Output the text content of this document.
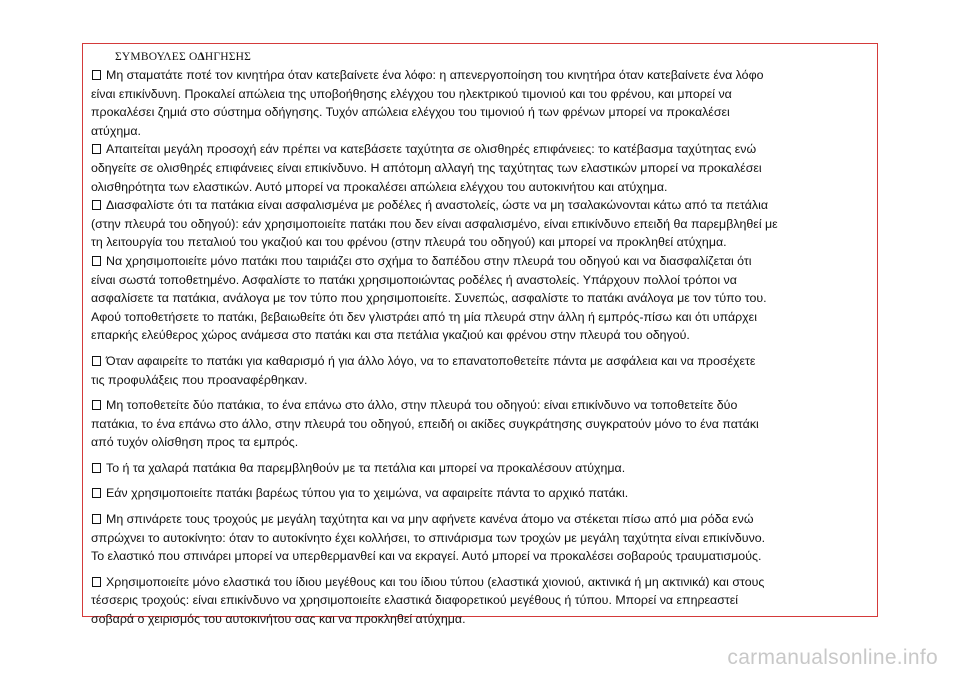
ΣΥΜΒΟΥΛΕΣ ΟΔΗΓΗΣΗΣ
Μη σταματάτε ποτέ τον κινητήρα όταν κατεβαίνετε ένα λόφο: η απενεργοποίηση του κινητήρα όταν κατεβαίνετε ένα λόφο
είναι επικίνδυνη. Προκαλεί απώλεια της υποβοήθησης ελέγχου του ηλεκτρικού τιμονιού και του φρένου, και μπορεί να
προκαλέσει ζημιά στο σύστημα οδήγησης. Τυχόν απώλεια ελέγχου του τιμονιού ή των φρένων μπορεί να προκαλέσει
ατύχημα.
Απαιτείται μεγάλη προσοχή εάν πρέπει να κατεβάσετε ταχύτητα σε ολισθηρές επιφάνειες: το κατέβασμα ταχύτητας ενώ
οδηγείτε σε ολισθηρές επιφάνειες είναι επικίνδυνο. Η απότομη αλλαγή της ταχύτητας των ελαστικών μπορεί να προκαλέσει
ολισθηρότητα των ελαστικών. Αυτό μπορεί να προκαλέσει απώλεια ελέγχου του αυτοκινήτου και ατύχημα.
Διασφαλίστε ότι τα πατάκια είναι ασφαλισμένα με ροδέλες ή αναστολείς, ώστε να μη τσαλακώνονται κάτω από τα πετάλια
(στην πλευρά του οδηγού): εάν χρησιμοποιείτε πατάκι που δεν είναι ασφαλισμένο, είναι επικίνδυνο επειδή θα παρεμβληθεί με
τη λειτουργία του πεταλιού του γκαζιού και του φρένου (στην πλευρά του οδηγού) και μπορεί να προκληθεί ατύχημα.
Να χρησιμοποιείτε μόνο πατάκι που ταιριάζει στο σχήμα το δαπέδου στην πλευρά του οδηγού και να διασφαλίζεται ότι
είναι σωστά τοποθετημένο. Ασφαλίστε το πατάκι χρησιμοποιώντας ροδέλες ή αναστολείς. Υπάρχουν πολλοί τρόποι να
ασφαλίσετε τα πατάκια, ανάλογα με τον τύπο που χρησιμοποιείτε. Συνεπώς, ασφαλίστε το πατάκι ανάλογα με τον τύπο του.
Αφού τοποθετήσετε το πατάκι, βεβαιωθείτε ότι δεν γλιστράει από τη μία πλευρά στην άλλη ή εμπρός-πίσω και ότι υπάρχει
επαρκής ελεύθερος χώρος ανάμεσα στο πατάκι και στα πετάλια γκαζιού και φρένου στην πλευρά του οδηγού.
Όταν αφαιρείτε το πατάκι για καθαρισμό ή για άλλο λόγο, να το επανατοποθετείτε πάντα με ασφάλεια και να προσέχετε
τις προφυλάξεις που προαναφέρθηκαν.
Μη τοποθετείτε δύο πατάκια, το ένα επάνω στο άλλο, στην πλευρά του οδηγού: είναι επικίνδυνο να τοποθετείτε δύο
πατάκια, το ένα επάνω στο άλλο, στην πλευρά του οδηγού, επειδή οι ακίδες συγκράτησης συγκρατούν μόνο το ένα πατάκι
από τυχόν ολίσθηση προς τα εμπρός.
Το ή τα χαλαρά πατάκια θα παρεμβληθούν με τα πετάλια και μπορεί να προκαλέσουν ατύχημα.
Εάν χρησιμοποιείτε πατάκι βαρέως τύπου για το χειμώνα, να αφαιρείτε πάντα το αρχικό πατάκι.
Μη σπινάρετε τους τροχούς με μεγάλη ταχύτητα και να μην αφήνετε κανένα άτομο να στέκεται πίσω από μια ρόδα ενώ
σπρώχνει το αυτοκίνητο: όταν το αυτοκίνητο έχει κολλήσει, το σπινάρισμα των τροχών με μεγάλη ταχύτητα είναι επικίνδυνο.
Το ελαστικό που σπινάρει μπορεί να υπερθερμανθεί και να εκραγεί. Αυτό μπορεί να προκαλέσει σοβαρούς τραυματισμούς.
Χρησιμοποιείτε μόνο ελαστικά του ίδιου μεγέθους και του ίδιου τύπου (ελαστικά χιονιού, ακτινικά ή μη ακτινικά) και στους
τέσσερις τροχούς: είναι επικίνδυνο να χρησιμοποιείτε ελαστικά διαφορετικού μεγέθους ή τύπου. Μπορεί να επηρεαστεί
σοβαρά ο χειρισμός του αυτοκινήτου σας και να προκληθεί ατύχημα.
carmanualsonline.info
